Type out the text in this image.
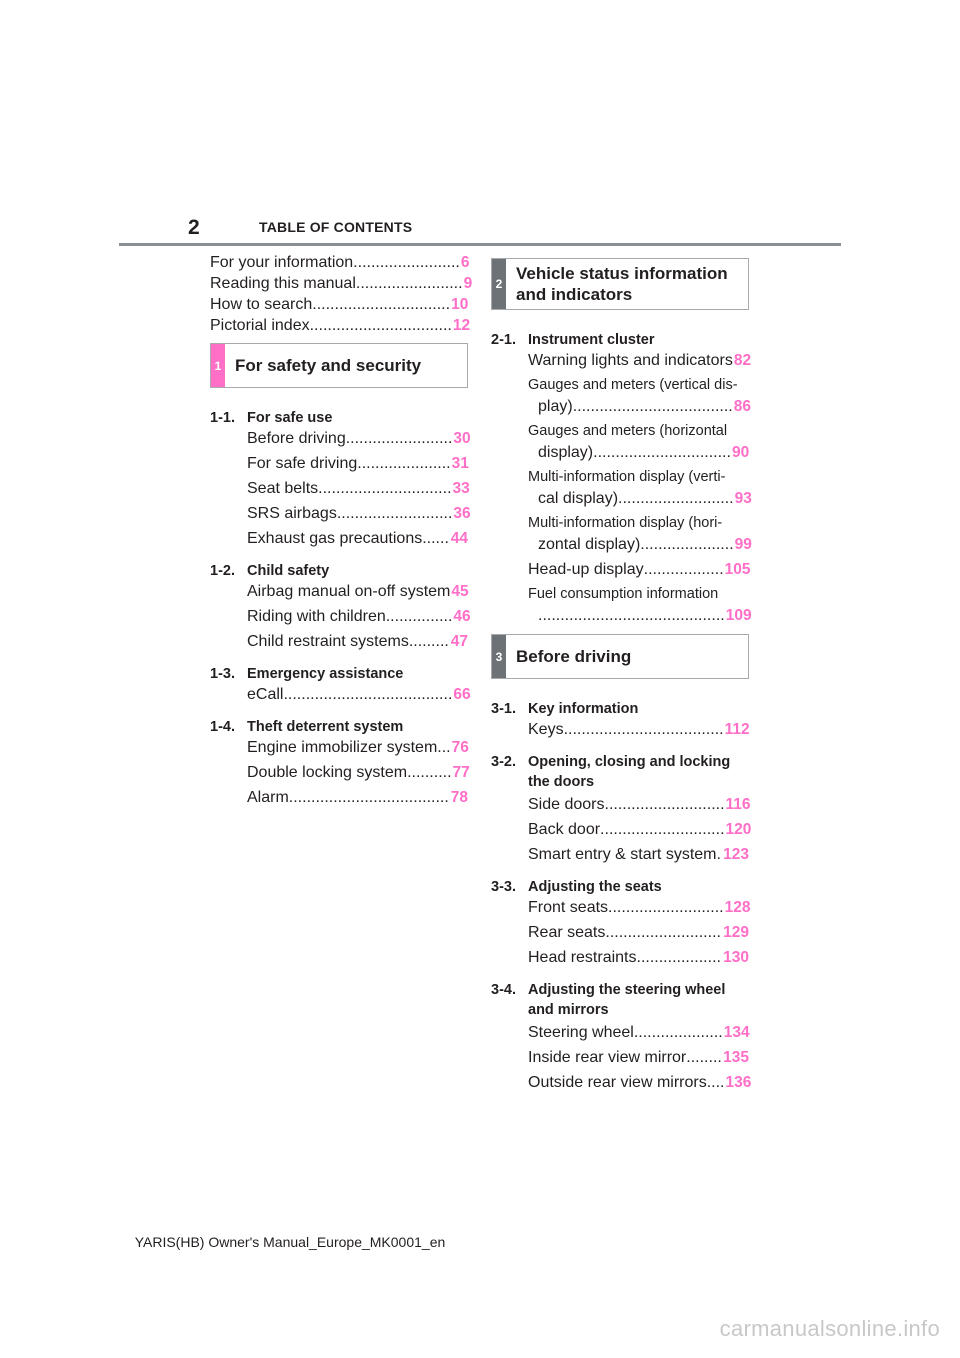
2	TABLE OF CONTENTS
For your information ........................ 6
Reading this manual ........................ 9
How to search ............................... 10
Pictorial index ................................ 12
1 For safety and security
1-1. For safe use
Before driving ........................ 30
For safe driving ..................... 31
Seat belts .............................. 33
SRS airbags .......................... 36
Exhaust gas precautions ...... 44
1-2. Child safety
Airbag manual on-off system 45
Riding with children ............... 46
Child restraint systems ......... 47
1-3. Emergency assistance
eCall ...................................... 66
1-4. Theft deterrent system
Engine immobilizer system ... 76
Double locking system .......... 77
Alarm .................................... 78
2
Vehicle status information
and indicators
2-1. Instrument cluster
Warning lights and indicators 82
Gauges and meters (vertical dis-
play) .................................... 86
Gauges and meters (horizontal
display) ............................... 90
Multi-information display (verti-
cal display) .......................... 93
Multi-information display (hori-
zontal display) ..................... 99
Head-up display .................. 105
Fuel consumption information
.......................................... 109
3 Before driving
3-1. Key information
Keys .................................... 112
3-2. Opening, closing and locking the doors
Side doors ........................... 116
Back door ............................ 120
Smart entry & start system . 123
3-3. Adjusting the seats
Front seats .......................... 128
Rear seats .......................... 129
Head restraints ................... 130
3-4. Adjusting the steering wheel and mirrors
Steering wheel .................... 134
Inside rear view mirror ........ 135
Outside rear view mirrors .... 136
YARIS(HB) Owner's Manual_Europe_MK0001_en
carmanualsonline.info
